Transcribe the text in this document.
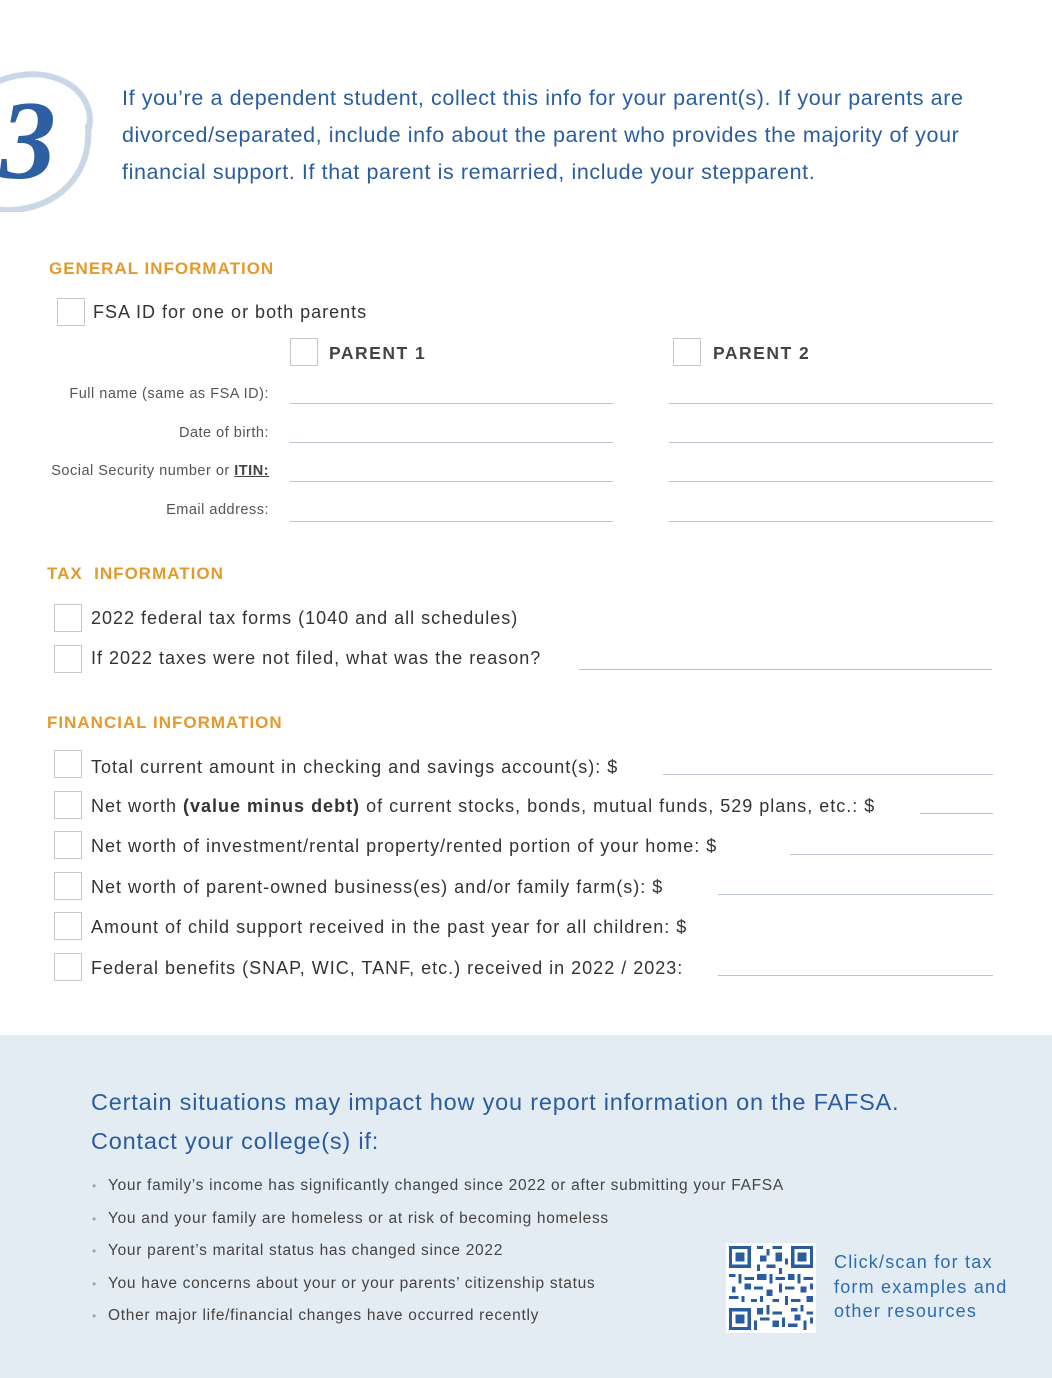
3	If you’re a dependent student, collect this info for your parent(s). If your parents are divorced/separated, include info about the parent who provides the majority of your financial support. If that parent is remarried, include your stepparent.
GENERAL INFORMATION
FSA ID for one or both parents
PARENT 1	PARENT 2
Full name (same as FSA ID):
Date of birth:
Social Security number or ITIN:
Email address:
TAX  INFORMATION
2022 federal tax forms (1040 and all schedules)
If 2022 taxes were not filed, what was the reason?
FINANCIAL INFORMATION
Total current amount in checking and savings account(s): $
Net worth (value minus debt) of current stocks, bonds, mutual funds, 529 plans, etc.: $
Net worth of investment/rental property/rented portion of your home: $
Net worth of parent-owned business(es) and/or family farm(s): $
Amount of child support received in the past year for all children: $
Federal benefits (SNAP, WIC, TANF, etc.) received in 2022 / 2023:
Certain situations may impact how you report information on the FAFSA.
Contact your college(s) if:
• Your family’s income has significantly changed since 2022 or after submitting your FAFSA
• You and your family are homeless or at risk of becoming homeless
• Your parent’s marital status has changed since 2022
• You have concerns about your or your parents’ citizenship status
• Other major life/financial changes have occurred recently
Click/scan for tax
form examples and
other resources
